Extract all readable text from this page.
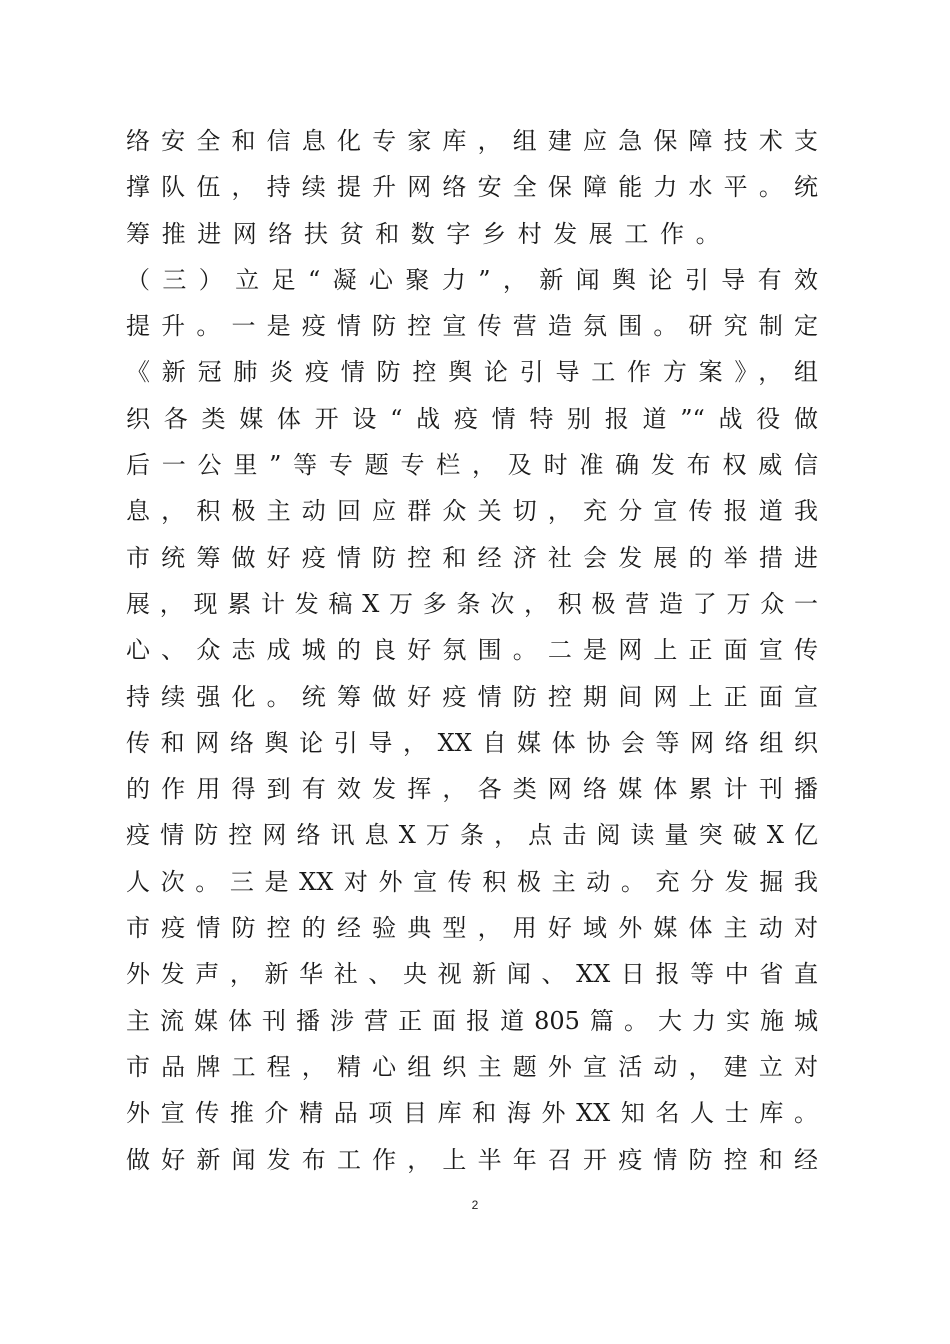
络安全和信息化专家库，组建应急保障技术支
撑队伍，持续提升网络安全保障能力水平。统
筹推进网络扶贫和数字乡村发展工作。
（三）立足“凝心聚力”，新闻舆论引导有效
提升。一是疫情防控宣传营造氛围。研究制定
《新冠肺炎疫情防控舆论引导工作方案》，组
织各类媒体开设“战疫情特别报道”“战役做
后一公里”等专题专栏，及时准确发布权威信
息，积极主动回应群众关切，充分宣传报道我
市统筹做好疫情防控和经济社会发展的举措进
展，现累计发稿X万多条次，积极营造了万众一
心、众志成城的良好氛围。二是网上正面宣传
持续强化。统筹做好疫情防控期间网上正面宣
传和网络舆论引导，XX自媒体协会等网络组织
的作用得到有效发挥，各类网络媒体累计刊播
疫情防控网络讯息X万条，点击阅读量突破X亿
人次。三是XX对外宣传积极主动。充分发掘我
市疫情防控的经验典型，用好域外媒体主动对
外发声，新华社、央视新闻、XX日报等中省直
主流媒体刊播涉营正面报道805篇。大力实施城
市品牌工程，精心组织主题外宣活动，建立对
外宣传推介精品项目库和海外XX知名人士库。
做好新闻发布工作，上半年召开疫情防控和经
2
